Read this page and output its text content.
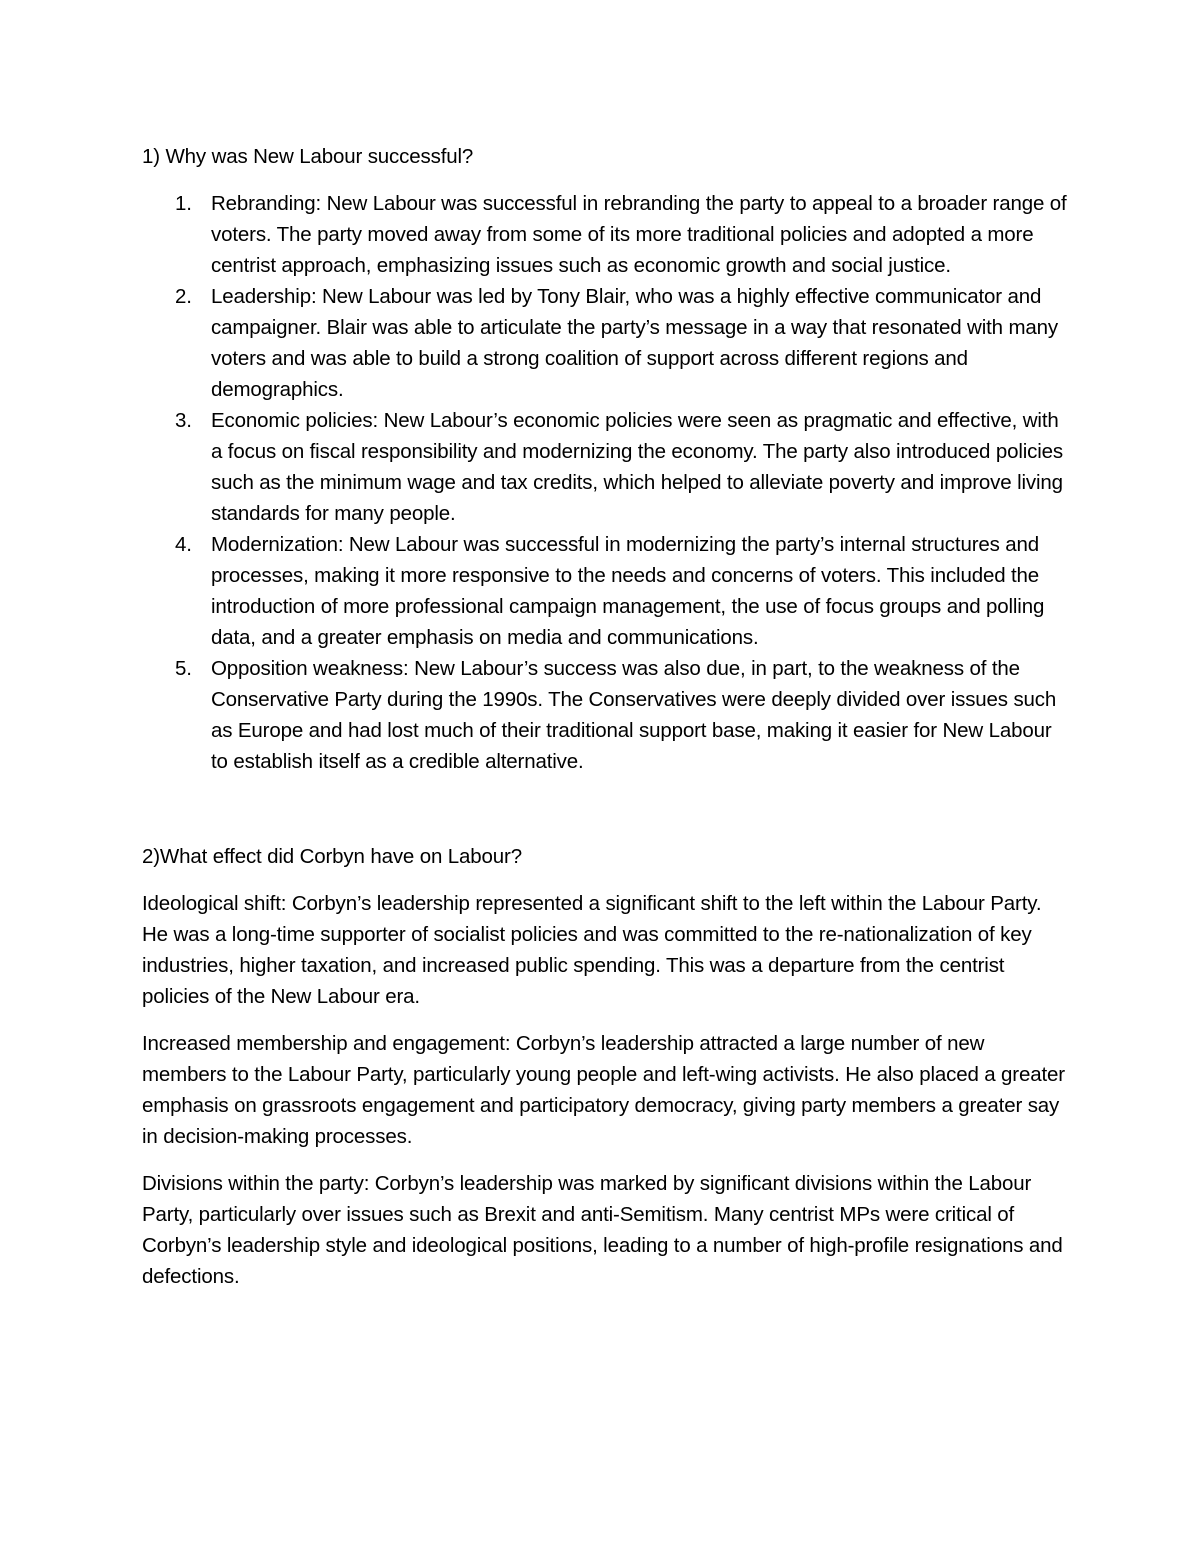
1) Why was New Labour successful?

1. Rebranding: New Labour was successful in rebranding the party to appeal to a broader range of voters. The party moved away from some of its more traditional policies and adopted a more centrist approach, emphasizing issues such as economic growth and social justice.
2. Leadership: New Labour was led by Tony Blair, who was a highly effective communicator and campaigner. Blair was able to articulate the party’s message in a way that resonated with many voters and was able to build a strong coalition of support across different regions and demographics.
3. Economic policies: New Labour’s economic policies were seen as pragmatic and effective, with a focus on fiscal responsibility and modernizing the economy. The party also introduced policies such as the minimum wage and tax credits, which helped to alleviate poverty and improve living standards for many people.
4. Modernization: New Labour was successful in modernizing the party’s internal structures and processes, making it more responsive to the needs and concerns of voters. This included the introduction of more professional campaign management, the use of focus groups and polling data, and a greater emphasis on media and communications.
5. Opposition weakness: New Labour’s success was also due, in part, to the weakness of the Conservative Party during the 1990s. The Conservatives were deeply divided over issues such as Europe and had lost much of their traditional support base, making it easier for New Labour to establish itself as a credible alternative.

2)What effect did Corbyn have on Labour?

Ideological shift: Corbyn’s leadership represented a significant shift to the left within the Labour Party. He was a long-time supporter of socialist policies and was committed to the re-nationalization of key industries, higher taxation, and increased public spending. This was a departure from the centrist policies of the New Labour era.

Increased membership and engagement: Corbyn’s leadership attracted a large number of new members to the Labour Party, particularly young people and left-wing activists. He also placed a greater emphasis on grassroots engagement and participatory democracy, giving party members a greater say in decision-making processes.

Divisions within the party: Corbyn’s leadership was marked by significant divisions within the Labour Party, particularly over issues such as Brexit and anti-Semitism. Many centrist MPs were critical of Corbyn’s leadership style and ideological positions, leading to a number of high-profile resignations and defections.
